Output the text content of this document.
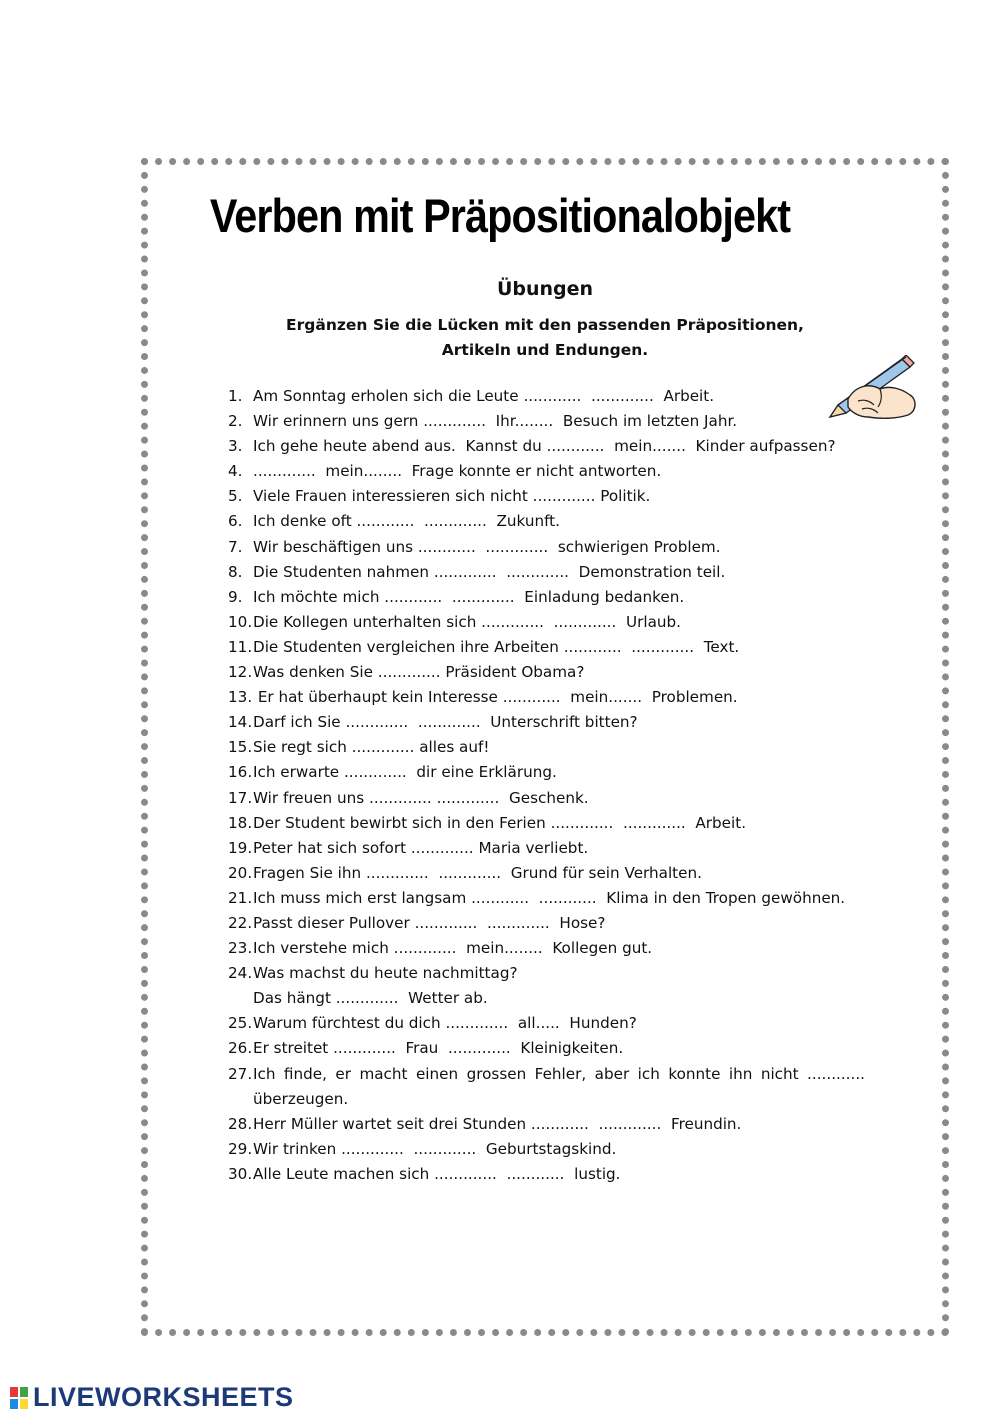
Verben mit Präpositionalobjekt
Übungen
Ergänzen Sie die Lücken mit den passenden Präpositionen,
Artikeln und Endungen.
1. Am Sonntag erholen sich die Leute ............  .............  Arbeit.
2. Wir erinnern uns gern .............  Ihr........  Besuch im letzten Jahr.
3. Ich gehe heute abend aus.  Kannst du ............  mein.......  Kinder aufpassen?
4. .............  mein........  Frage konnte er nicht antworten.
5. Viele Frauen interessieren sich nicht ............. Politik.
6. Ich denke oft ............  .............  Zukunft.
7. Wir beschäftigen uns ............  .............  schwierigen Problem.
8. Die Studenten nahmen .............  .............  Demonstration teil.
9. Ich möchte mich ............  .............  Einladung bedanken.
10. Die Kollegen unterhalten sich .............  .............  Urlaub.
11. Die Studenten vergleichen ihre Arbeiten ............  .............  Text.
12. Was denken Sie ............. Präsident Obama?
13. Er hat überhaupt kein Interesse ............  mein.......  Problemen.
14. Darf ich Sie .............  .............  Unterschrift bitten?
15. Sie regt sich ............. alles auf!
16. Ich erwarte .............  dir eine Erklärung.
17. Wir freuen uns ............. .............  Geschenk.
18. Der Student bewirbt sich in den Ferien .............  .............  Arbeit.
19. Peter hat sich sofort ............. Maria verliebt.
20. Fragen Sie ihn .............  .............  Grund für sein Verhalten.
21. Ich muss mich erst langsam ............  ............  Klima in den Tropen gewöhnen.
22. Passt dieser Pullover .............  .............  Hose?
23. Ich verstehe mich .............  mein........  Kollegen gut.
24. Was machst du heute nachmittag?
Das hängt .............  Wetter ab.
25. Warum fürchtest du dich .............  all.....  Hunden?
26. Er streitet .............  Frau  .............  Kleinigkeiten.
27. Ich finde, er macht einen grossen Fehler, aber ich konnte ihn nicht ............  überzeugen.
28. Herr Müller wartet seit drei Stunden ............  .............  Freundin.
29. Wir trinken .............  .............  Geburtstagskind.
30. Alle Leute machen sich .............  ............  lustig.
LIVEWORKSHEETS
